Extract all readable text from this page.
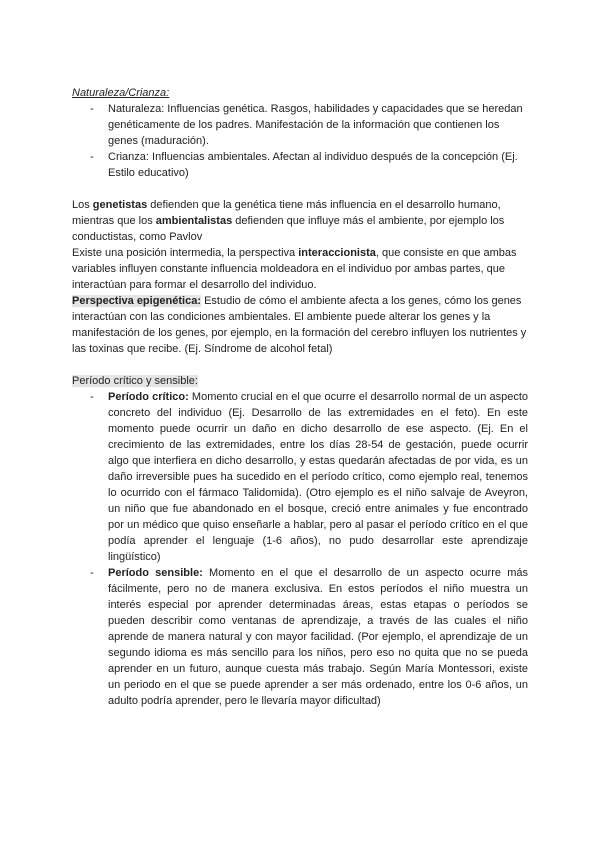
Naturaleza/Crianza:

- Naturaleza: Influencias genética. Rasgos, habilidades y capacidades que se heredan genéticamente de los padres. Manifestación de la información que contienen los genes (maduración).
- Crianza: Influencias ambientales. Afectan al individuo después de la concepción (Ej. Estilo educativo)

Los genetistas defienden que la genética tiene más influencia en el desarrollo humano, mientras que los ambientalistas defienden que influye más el ambiente, por ejemplo los conductistas, como Pavlov

Existe una posición intermedia, la perspectiva interaccionista, que consiste en que ambas variables influyen constante influencia moldeadora en el individuo por ambas partes, que interactúan para formar el desarrollo del individuo.

Perspectiva epigenética: Estudio de cómo el ambiente afecta a los genes, cómo los genes interactúan con las condiciones ambientales. El ambiente puede alterar los genes y la manifestación de los genes, por ejemplo, en la formación del cerebro influyen los nutrientes y las toxinas que recibe. (Ej. Síndrome de alcohol fetal)

Período crítico y sensible:

- Período crítico: Momento crucial en el que ocurre el desarrollo normal de un aspecto concreto del individuo (Ej. Desarrollo de las extremidades en el feto). En este momento puede ocurrir un daño en dicho desarrollo de ese aspecto. (Ej. En el crecimiento de las extremidades, entre los días 28-54 de gestación, puede ocurrir algo que interfiera en dicho desarrollo, y estas quedarán afectadas de por vida, es un daño irreversible pues ha sucedido en el período crítico, como ejemplo real, tenemos lo ocurrido con el fármaco Talidomida). (Otro ejemplo es el niño salvaje de Aveyron, un niño que fue abandonado en el bosque, creció entre animales y fue encontrado por un médico que quiso enseñarle a hablar, pero al pasar el período crítico en el que podía aprender el lenguaje (1-6 años), no pudo desarrollar este aprendizaje lingüístico)
- Período sensible: Momento en el que el desarrollo de un aspecto ocurre más fácilmente, pero no de manera exclusiva. En estos períodos el niño muestra un interés especial por aprender determinadas áreas, estas etapas o períodos se pueden describir como ventanas de aprendizaje, a través de las cuales el niño aprende de manera natural y con mayor facilidad. (Por ejemplo, el aprendizaje de un segundo idioma es más sencillo para los niños, pero eso no quita que no se pueda aprender en un futuro, aunque cuesta más trabajo. Según María Montessori, existe un periodo en el que se puede aprender a ser más ordenado, entre los 0-6 años, un adulto podría aprender, pero le llevaría mayor dificultad)
